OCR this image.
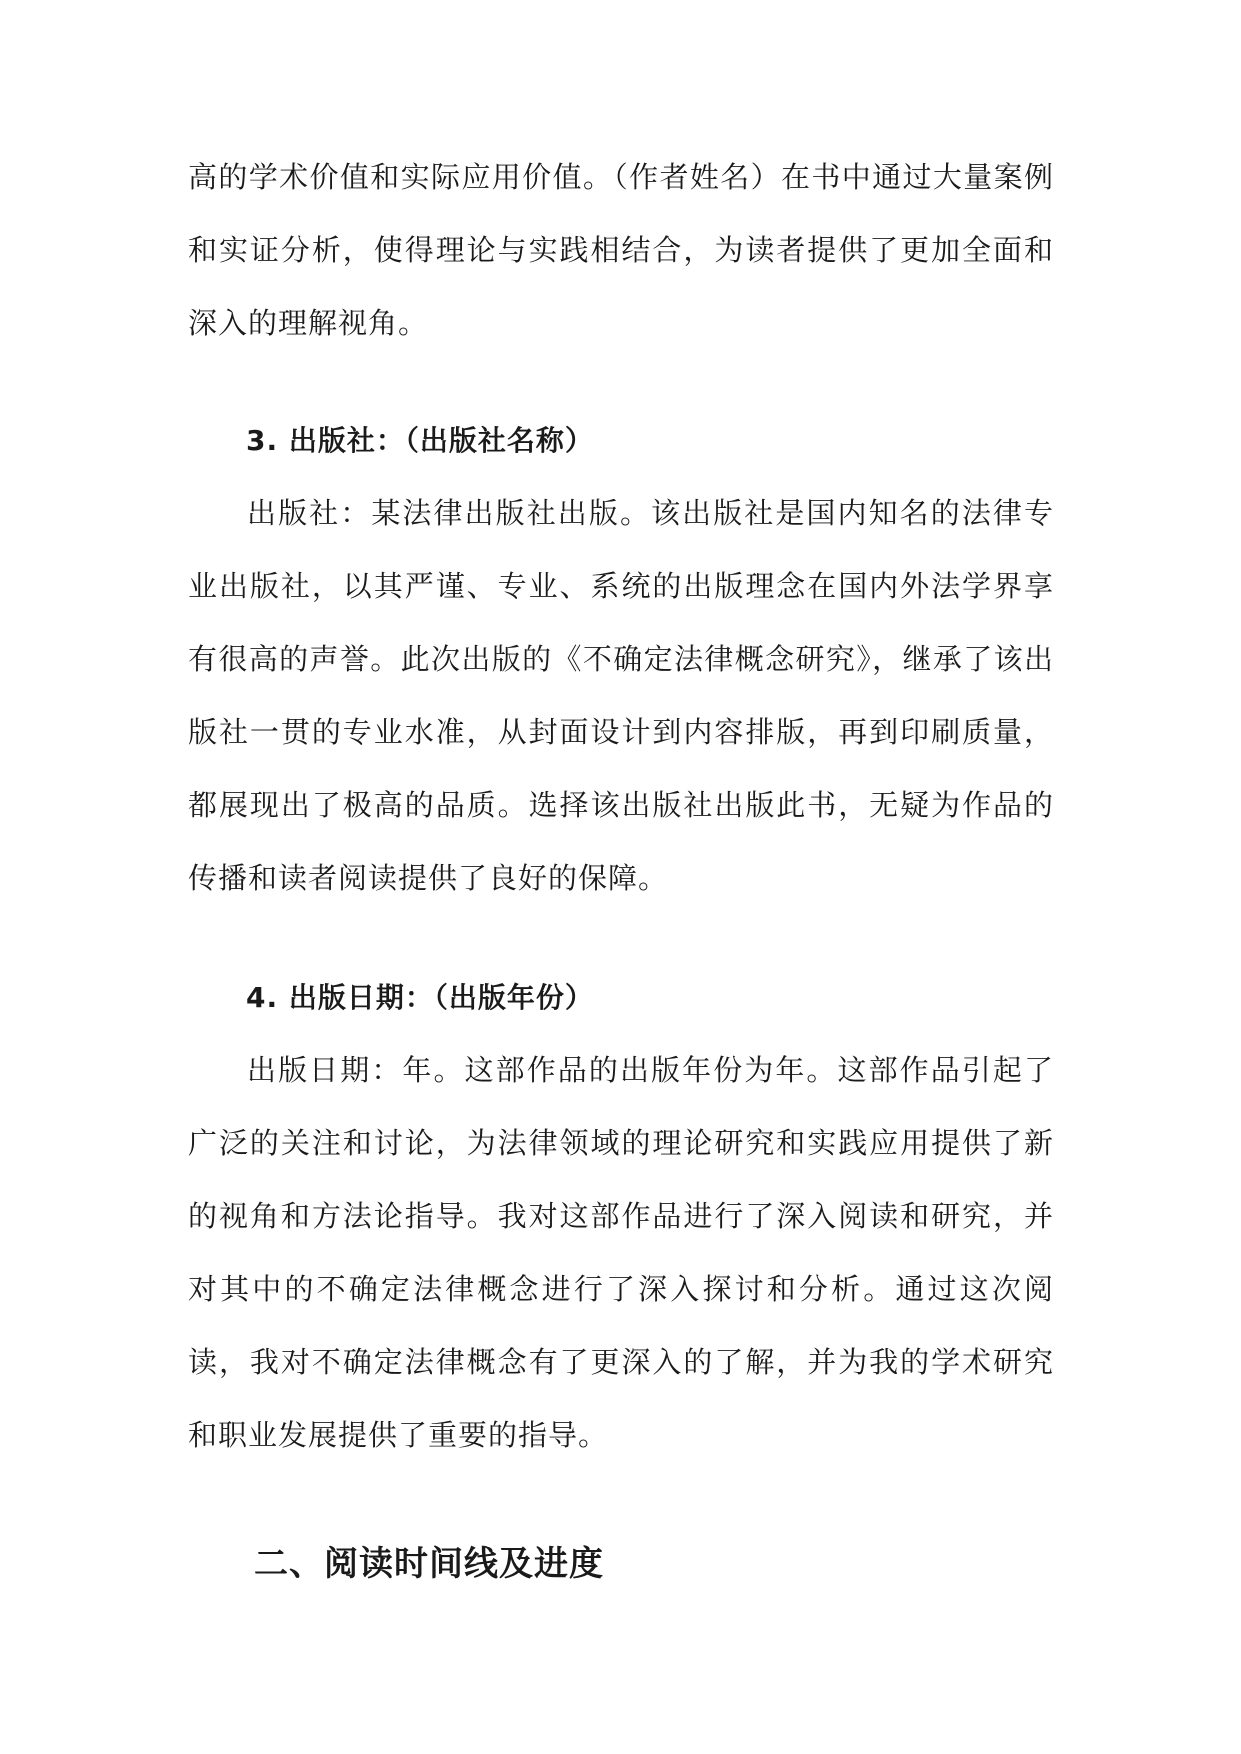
高的学术价值和实际应用价值。（作者姓名）在书中通过大量案例和实证分析，使得理论与实践相结合，为读者提供了更加全面和深入的理解视角。

3. 出版社：（出版社名称）

出版社：某法律出版社出版。该出版社是国内知名的法律专业出版社，以其严谨、专业、系统的出版理念在国内外法学界享有很高的声誉。此次出版的《不确定法律概念研究》，继承了该出版社一贯的专业水准，从封面设计到内容排版，再到印刷质量，都展现出了极高的品质。选择该出版社出版此书，无疑为作品的传播和读者阅读提供了良好的保障。

4. 出版日期：（出版年份）

出版日期：年。这部作品的出版年份为年。这部作品引起了广泛的关注和讨论，为法律领域的理论研究和实践应用提供了新的视角和方法论指导。我对这部作品进行了深入阅读和研究，并对其中的不确定法律概念进行了深入探讨和分析。通过这次阅读，我对不确定法律概念有了更深入的了解，并为我的学术研究和职业发展提供了重要的指导。

二、阅读时间线及进度
